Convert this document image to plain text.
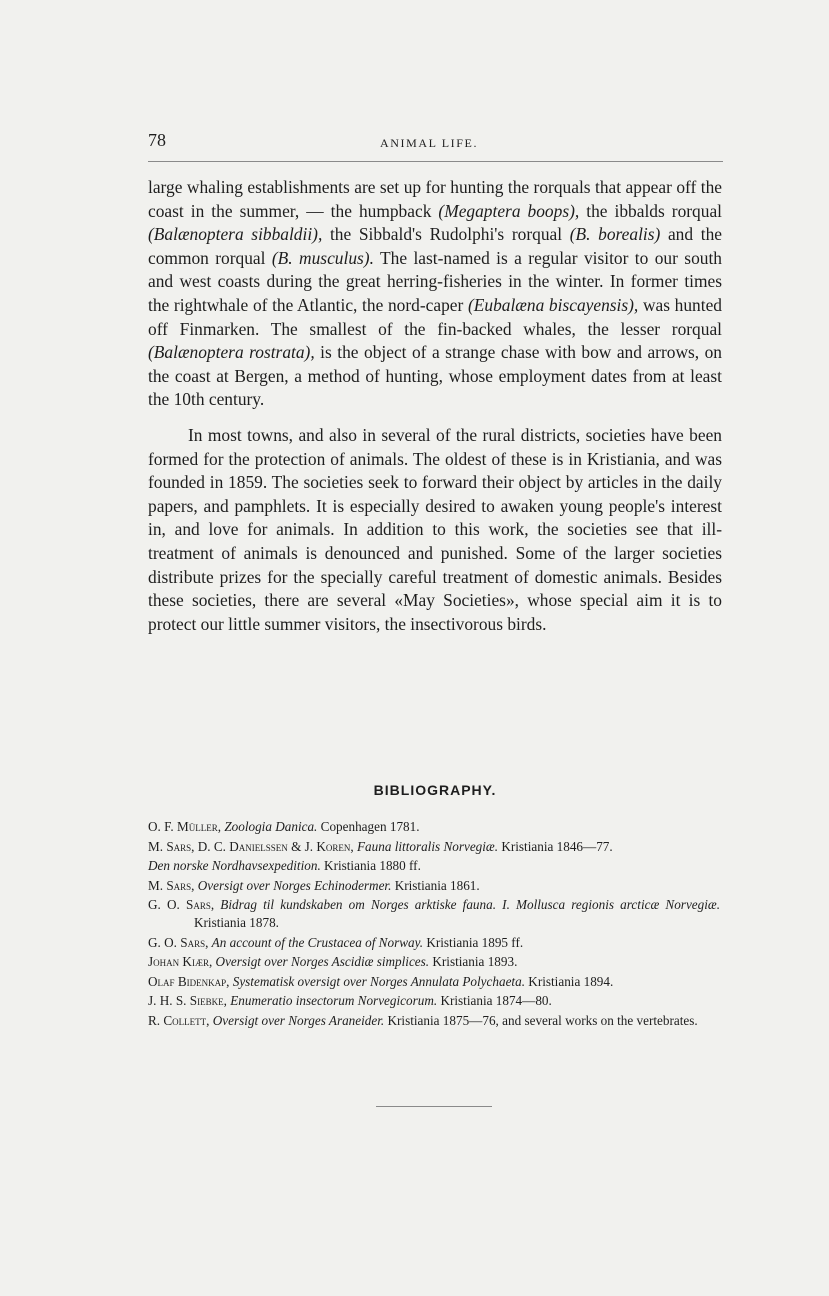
78	ANIMAL LIFE.

large whaling establishments are set up for hunting the rorquals that appear off the coast in the summer, — the humpback (Megaptera boops), the ibbalds rorqual (Balænoptera sibbaldii), the Sibbald's Rudolphi's rorqual (B. borealis) and the common rorqual (B. musculus). The last-named is a regular visitor to our south and west coasts during the great herring-fisheries in the winter. In former times the rightwhale of the Atlantic, the nord-caper (Eubalæna biscayensis), was hunted off Finmarken. The smallest of the fin-backed whales, the lesser rorqual (Balænoptera rostrata), is the object of a strange chase with bow and arrows, on the coast at Bergen, a method of hunting, whose employment dates from at least the 10th century.

In most towns, and also in several of the rural districts, societies have been formed for the protection of animals. The oldest of these is in Kristiania, and was founded in 1859. The societies seek to forward their object by articles in the daily papers, and pamphlets. It is especially desired to awaken young people's interest in, and love for animals. In addition to this work, the societies see that ill-treatment of animals is denounced and punished. Some of the larger societies distribute prizes for the specially careful treatment of domestic animals. Besides these societies, there are several «May Societies», whose special aim it is to protect our little summer visitors, the insectivorous birds.

BIBLIOGRAPHY.
O. F. Müller, Zoologia Danica. Copenhagen 1781.
M. Sars, D. C. Danielssen & J. Koren, Fauna littoralis Norvegiæ. Kristiania 1846—77.
Den norske Nordhavsexpedition. Kristiania 1880 ff.
M. Sars, Oversigt over Norges Echinodermer. Kristiania 1861.
G. O. Sars, Bidrag til kundskaben om Norges arktiske fauna. I. Mollusca regionis arcticæ Norvegiæ. Kristiania 1878.
G. O. Sars, An account of the Crustacea of Norway. Kristiania 1895 ff.
Johan Kiær, Oversigt over Norges Ascidiæ simplices. Kristiania 1893.
Olaf Bidenkap, Systematisk oversigt over Norges Annulata Polychaeta. Kristiania 1894.
J. H. S. Siebke, Enumeratio insectorum Norvegicorum. Kristiania 1874—80.
R. Collett, Oversigt over Norges Araneider. Kristiania 1875—76, and several works on the vertebrates.
